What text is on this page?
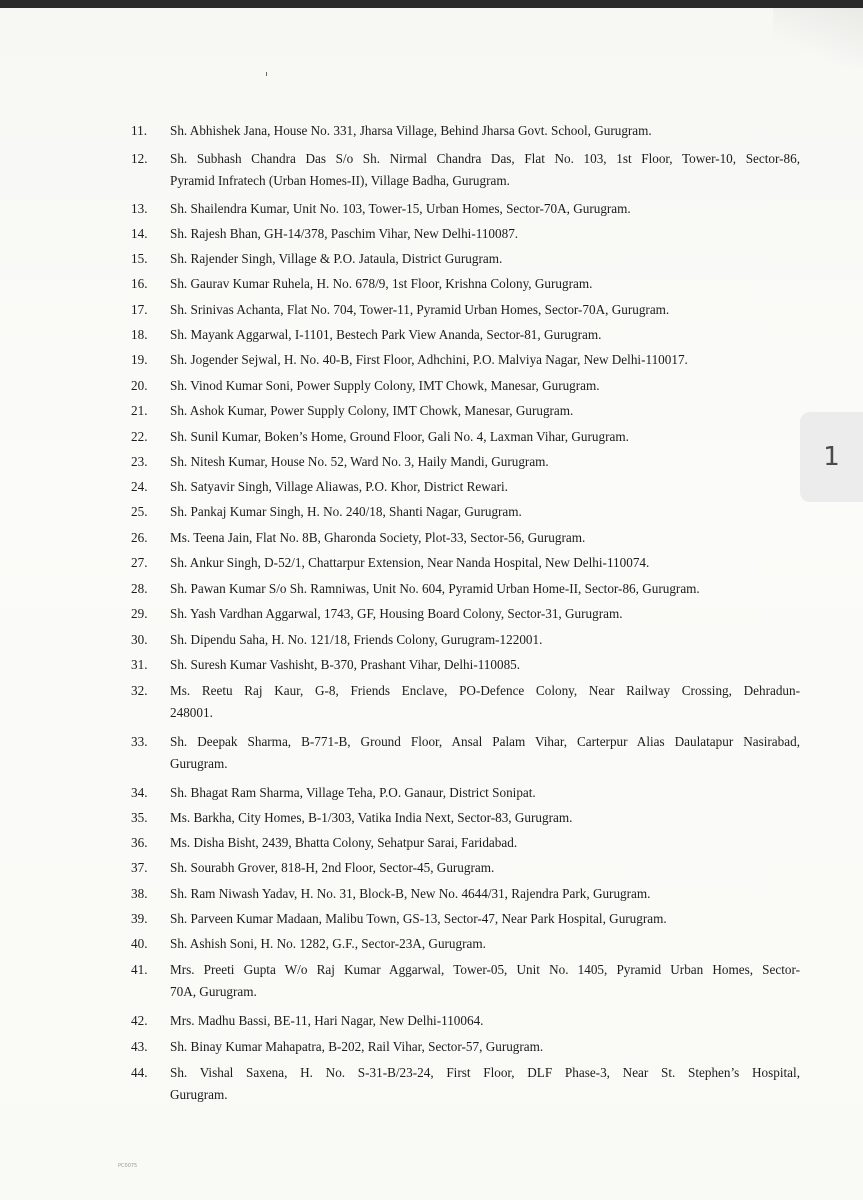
11. Sh. Abhishek Jana, House No. 331, Jharsa Village, Behind Jharsa Govt. School, Gurugram.
12. Sh. Subhash Chandra Das S/o Sh. Nirmal Chandra Das, Flat No. 103, 1st Floor, Tower-10, Sector-86,
Pyramid Infratech (Urban Homes-II), Village Badha, Gurugram.
13. Sh. Shailendra Kumar, Unit No. 103, Tower-15, Urban Homes, Sector-70A, Gurugram.
14. Sh. Rajesh Bhan, GH-14/378, Paschim Vihar, New Delhi-110087.
15. Sh. Rajender Singh, Village & P.O. Jataula, District Gurugram.
16. Sh. Gaurav Kumar Ruhela, H. No. 678/9, 1st Floor, Krishna Colony, Gurugram.
17. Sh. Srinivas Achanta, Flat No. 704, Tower-11, Pyramid Urban Homes, Sector-70A, Gurugram.
18. Sh. Mayank Aggarwal, I-1101, Bestech Park View Ananda, Sector-81, Gurugram.
19. Sh. Jogender Sejwal, H. No. 40-B, First Floor, Adhchini, P.O. Malviya Nagar, New Delhi-110017.
20. Sh. Vinod Kumar Soni, Power Supply Colony, IMT Chowk, Manesar, Gurugram.
21. Sh. Ashok Kumar, Power Supply Colony, IMT Chowk, Manesar, Gurugram.
22. Sh. Sunil Kumar, Boken’s Home, Ground Floor, Gali No. 4, Laxman Vihar, Gurugram.
23. Sh. Nitesh Kumar, House No. 52, Ward No. 3, Haily Mandi, Gurugram.
24. Sh. Satyavir Singh, Village Aliawas, P.O. Khor, District Rewari.
25. Sh. Pankaj Kumar Singh, H. No. 240/18, Shanti Nagar, Gurugram.
26. Ms. Teena Jain, Flat No. 8B, Gharonda Society, Plot-33, Sector-56, Gurugram.
27. Sh. Ankur Singh, D-52/1, Chattarpur Extension, Near Nanda Hospital, New Delhi-110074.
28. Sh. Pawan Kumar S/o Sh. Ramniwas, Unit No. 604, Pyramid Urban Home-II, Sector-86, Gurugram.
29. Sh. Yash Vardhan Aggarwal, 1743, GF, Housing Board Colony, Sector-31, Gurugram.
30. Sh. Dipendu Saha, H. No. 121/18, Friends Colony, Gurugram-122001.
31. Sh. Suresh Kumar Vashisht, B-370, Prashant Vihar, Delhi-110085.
32. Ms. Reetu Raj Kaur, G-8, Friends Enclave, PO-Defence Colony, Near Railway Crossing, Dehradun-
248001.
33. Sh. Deepak Sharma, B-771-B, Ground Floor, Ansal Palam Vihar, Carterpur Alias Daulatapur Nasirabad,
Gurugram.
34. Sh. Bhagat Ram Sharma, Village Teha, P.O. Ganaur, District Sonipat.
35. Ms. Barkha, City Homes, B-1/303, Vatika India Next, Sector-83, Gurugram.
36. Ms. Disha Bisht, 2439, Bhatta Colony, Sehatpur Sarai, Faridabad.
37. Sh. Sourabh Grover, 818-H, 2nd Floor, Sector-45, Gurugram.
38. Sh. Ram Niwash Yadav, H. No. 31, Block-B, New No. 4644/31, Rajendra Park, Gurugram.
39. Sh. Parveen Kumar Madaan, Malibu Town, GS-13, Sector-47, Near Park Hospital, Gurugram.
40. Sh. Ashish Soni, H. No. 1282, G.F., Sector-23A, Gurugram.
41. Mrs. Preeti Gupta W/o Raj Kumar Aggarwal, Tower-05, Unit No. 1405, Pyramid Urban Homes, Sector-
70A, Gurugram.
42. Mrs. Madhu Bassi, BE-11, Hari Nagar, New Delhi-110064.
43. Sh. Binay Kumar Mahapatra, B-202, Rail Vihar, Sector-57, Gurugram.
44. Sh. Vishal Saxena, H. No. S-31-B/23-24, First Floor, DLF Phase-3, Near St. Stephen’s Hospital,
Gurugram.
1
PC0075
